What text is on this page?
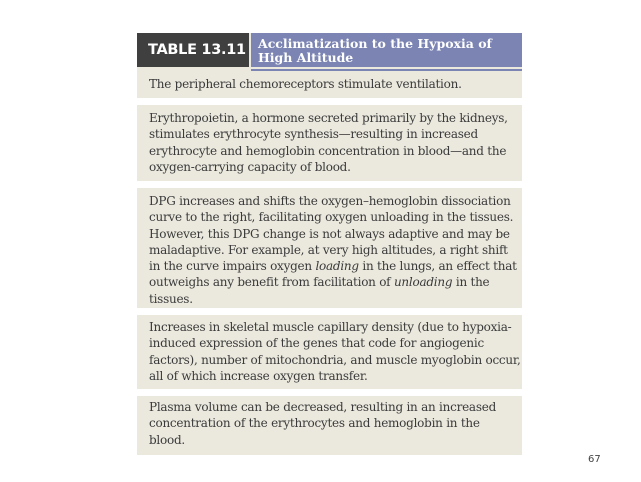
TABLE 13.11 Acclimatization to the Hypoxia of
High Altitude
The peripheral chemoreceptors stimulate ventilation.
Erythropoietin, a hormone secreted primarily by the kidneys,
stimulates erythrocyte synthesis—resulting in increased
erythrocyte and hemoglobin concentration in blood—and the
oxygen-carrying capacity of blood.
DPG increases and shifts the oxygen–hemoglobin dissociation
curve to the right, facilitating oxygen unloading in the tissues.
However, this DPG change is not always adaptive and may be
maladaptive. For example, at very high altitudes, a right shift
in the curve impairs oxygen loading in the lungs, an effect that
outweighs any benefit from facilitation of unloading in the
tissues.
Increases in skeletal muscle capillary density (due to hypoxia-
induced expression of the genes that code for angiogenic
factors), number of mitochondria, and muscle myoglobin occur,
all of which increase oxygen transfer.
Plasma volume can be decreased, resulting in an increased
concentration of the erythrocytes and hemoglobin in the
blood.
67
